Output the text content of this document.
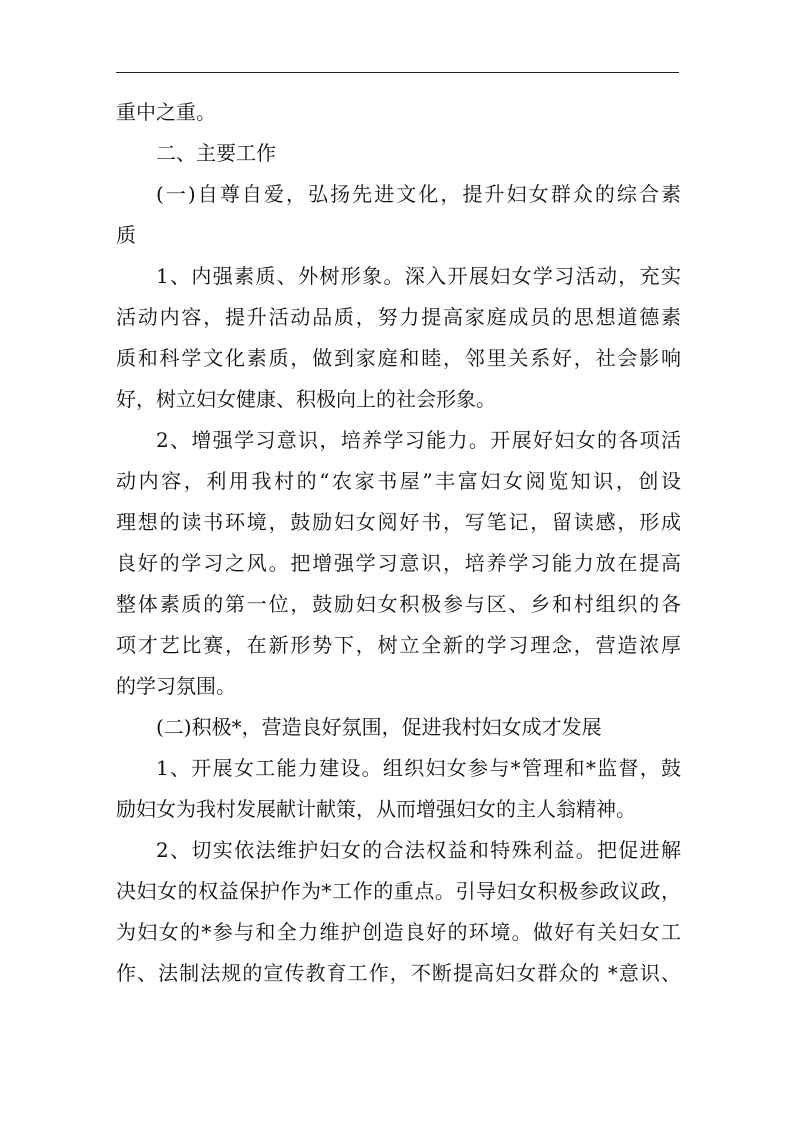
重中之重。
二、主要工作
(一)自尊自爱，弘扬先进文化，提升妇女群众的综合素
质
1、内强素质、外树形象。深入开展妇女学习活动，充实
活动内容，提升活动品质，努力提高家庭成员的思想道德素
质和科学文化素质，做到家庭和睦，邻里关系好，社会影响
好，树立妇女健康、积极向上的社会形象。
2、增强学习意识，培养学习能力。开展好妇女的各项活
动内容，利用我村的“农家书屋”丰富妇女阅览知识，创设
理想的读书环境，鼓励妇女阅好书，写笔记，留读感，形成
良好的学习之风。把增强学习意识，培养学习能力放在提高
整体素质的第一位，鼓励妇女积极参与区、乡和村组织的各
项才艺比赛，在新形势下，树立全新的学习理念，营造浓厚
的学习氛围。
(二)积极*，营造良好氛围，促进我村妇女成才发展
1、开展女工能力建设。组织妇女参与*管理和*监督，鼓
励妇女为我村发展献计献策，从而增强妇女的主人翁精神。
2、切实依法维护妇女的合法权益和特殊利益。把促进解
决妇女的权益保护作为*工作的重点。引导妇女积极参政议政，
为妇女的*参与和全力维护创造良好的环境。做好有关妇女工
作、法制法规的宣传教育工作，不断提高妇女群众的 *意识、
